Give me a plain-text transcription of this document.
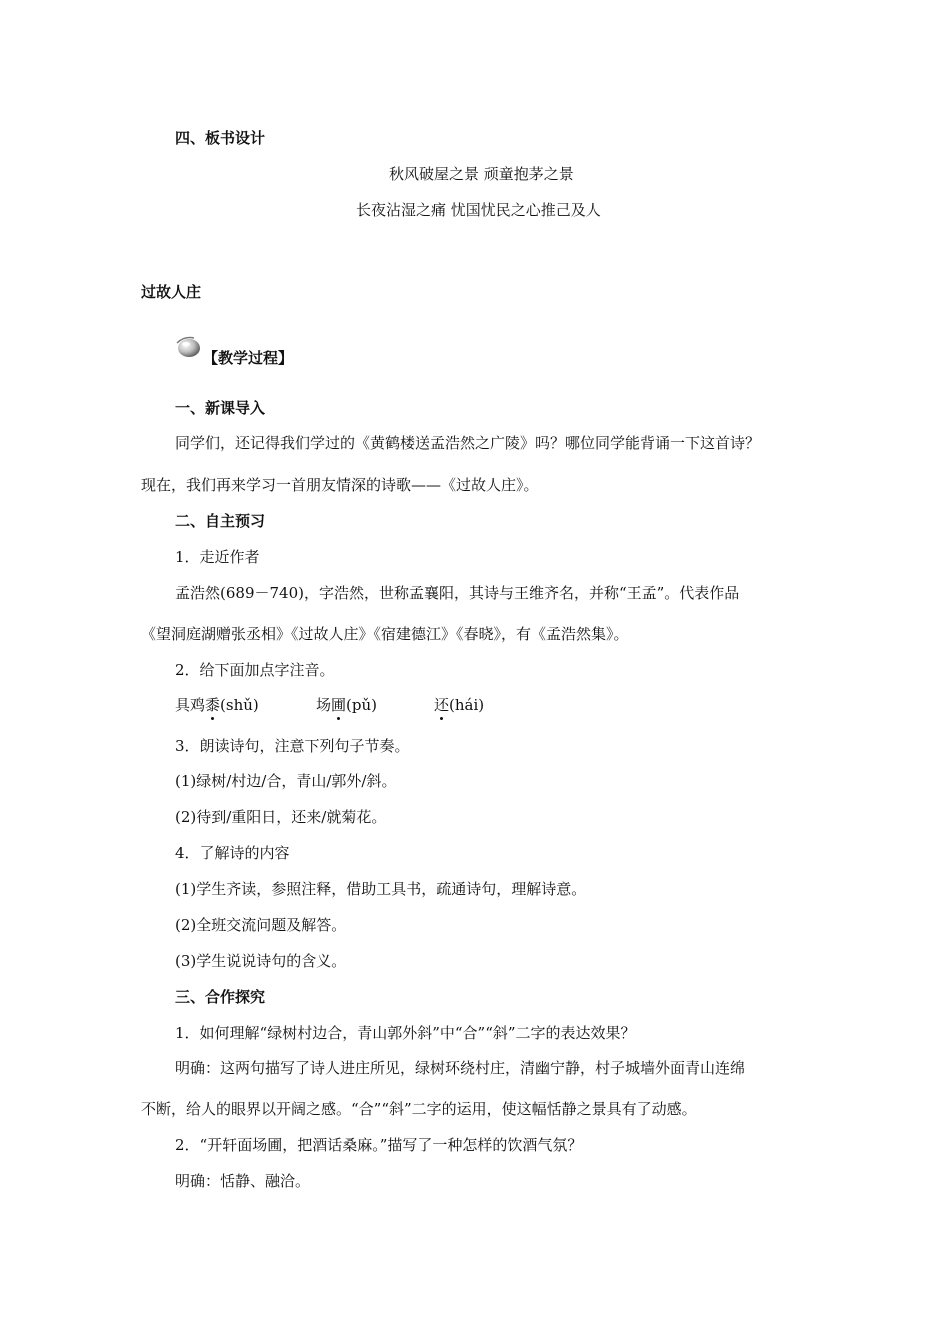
四、板书设计
秋风破屋之景 顽童抱茅之景
长夜沾湿之痛 忧国忧民之心推己及人
过故人庄
【教学过程】
一、新课导入
同学们，还记得我们学过的《黄鹤楼送孟浩然之广陵》吗？哪位同学能背诵一下这首诗？
现在，我们再来学习一首朋友情深的诗歌——《过故人庄》。
二、自主预习
1．走近作者
孟浩然(689－740)，字浩然，世称孟襄阳，其诗与王维齐名，并称“王孟”。代表作品
《望洞庭湖赠张丞相》《过故人庄》《宿建德江》《春晓》，有《孟浩然集》。
2．给下面加点字注音。
具鸡黍(shǔ)	场圃(pǔ)	还(hái)
3．朗读诗句，注意下列句子节奏。
(1)绿树/村边/合，青山/郭外/斜。
(2)待到/重阳日，还来/就菊花。
4．了解诗的内容
(1)学生齐读，参照注释，借助工具书，疏通诗句，理解诗意。
(2)全班交流问题及解答。
(3)学生说说诗句的含义。
三、合作探究
1．如何理解“绿树村边合，青山郭外斜”中“合”“斜”二字的表达效果？
明确：这两句描写了诗人进庄所见，绿树环绕村庄，清幽宁静，村子城墙外面青山连绵
不断，给人的眼界以开阔之感。“合”“斜”二字的运用，使这幅恬静之景具有了动感。
2．“开轩面场圃，把酒话桑麻。”描写了一种怎样的饮酒气氛？
明确：恬静、融洽。
